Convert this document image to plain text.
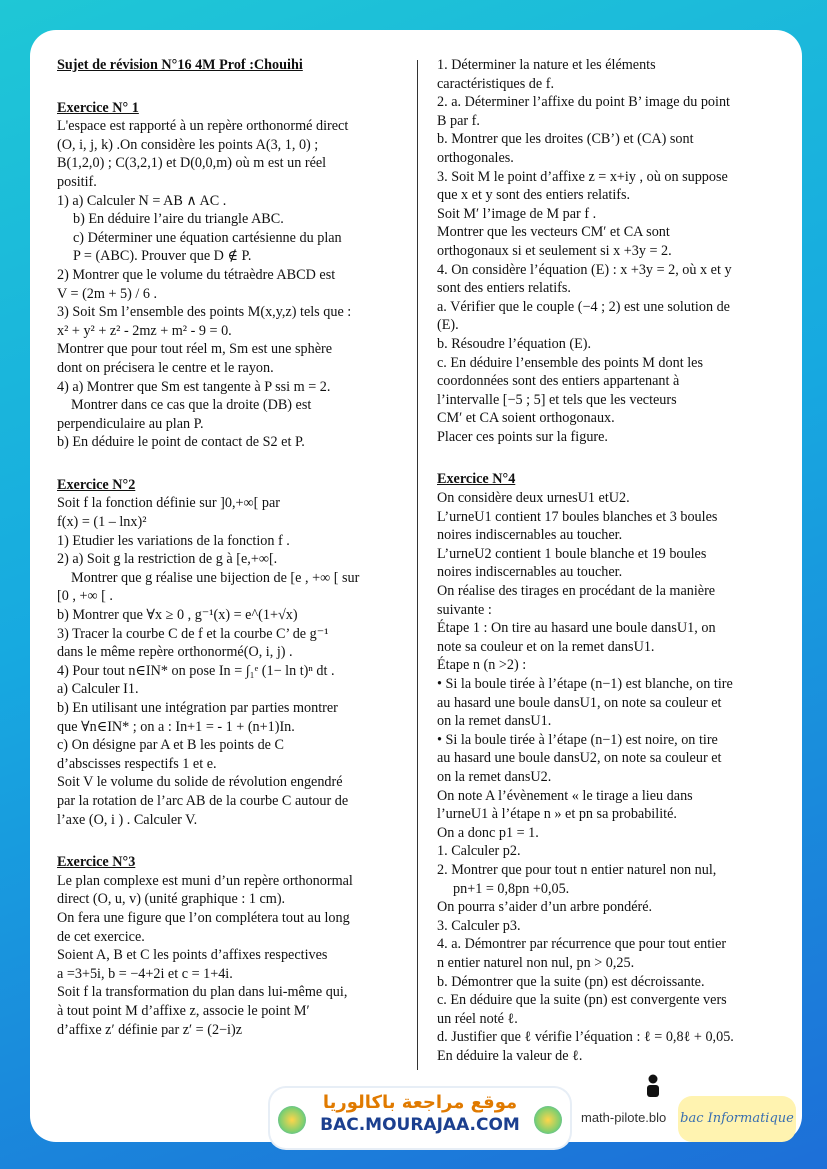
Sujet de révision N°16 4M Prof :Chouihi

Exercice N° 1

L'espace est rapporté à un repère orthonormé direct

(O, i, j, k) .On considère les points A(3, 1, 0) ;

B(1,2,0) ; C(3,2,1) et D(0,0,m) où m est un réel

positif.

1) a) Calculer N = AB ∧ AC .

b) En déduire l’aire du triangle ABC.

c) Déterminer une équation cartésienne du plan

P = (ABC). Prouver que D ∉ P.

2) Montrer que le volume du tétraèdre ABCD est

V = (2m + 5) / 6 .

3) Soit Sm l’ensemble des points M(x,y,z) tels que :

x² + y² + z² - 2mz + m² - 9 = 0.

Montrer que pour tout réel m, Sm est une sphère

dont on précisera le centre et le rayon.

4) a) Montrer que Sm est tangente à P ssi m = 2.

Montrer dans ce cas que la droite (DB) est

perpendiculaire au plan P.

b) En déduire le point de contact de S2 et P.

Exercice N°2

Soit f la fonction définie sur ]0,+∞[ par

f(x) = (1 – lnx)²

1) Etudier les variations de la fonction f .

2) a) Soit g la restriction de g à [e,+∞[.

Montrer que g réalise une bijection de [e , +∞ [ sur

[0 , +∞ [ .

b) Montrer que ∀x ≥ 0 , g⁻¹(x) = e^(1+√x)

3) Tracer la courbe C de f et la courbe C’ de g⁻¹

dans le même repère orthonormé(O, i, j) .

4) Pour tout n∈IN* on pose In = ∫₁ᵉ (1− ln t)ⁿ dt .

a) Calculer I1.

b) En utilisant une intégration par parties montrer

que ∀n∈IN* ; on a : In+1 = - 1 + (n+1)In.

c) On désigne par A et B les points de C

d’abscisses respectifs 1 et e.

Soit V le volume du solide de révolution engendré

par la rotation de l’arc AB de la courbe C autour de

l’axe (O, i ) . Calculer V.

Exercice N°3

Le plan complexe est muni d’un repère orthonormal

direct (O, u, v) (unité graphique : 1 cm).

On fera une figure que l’on complétera tout au long

de cet exercice.

Soient A, B et C les points d’affixes respectives

a =3+5i, b = −4+2i et c = 1+4i.

Soit f la transformation du plan dans lui-même qui,

à tout point M d’affixe z, associe le point M′

d’affixe z′ définie par z′ = (2−i)z

1. Déterminer la nature et les éléments

caractéristiques de f.

2. a. Déterminer l’affixe du point B’ image du point

B par f.

b. Montrer que les droites (CB’) et (CA) sont

orthogonales.

3. Soit M le point d’affixe z = x+iy , où on suppose

que x et y sont des entiers relatifs.

Soit M′ l’image de M par f .

Montrer que les vecteurs CM′ et CA sont

orthogonaux si et seulement si x +3y = 2.

4. On considère l’équation (E) : x +3y = 2, où x et y

sont des entiers relatifs.

a. Vérifier que le couple (−4 ; 2) est une solution de

(E).

b. Résoudre l’équation (E).

c. En déduire l’ensemble des points M dont les

coordonnées sont des entiers appartenant à

l’intervalle [−5 ; 5] et tels que les vecteurs

CM′ et CA soient orthogonaux.

Placer ces points sur la figure.

Exercice N°4

On considère deux urnesU1 etU2.

L’urneU1 contient 17 boules blanches et 3 boules

noires indiscernables au toucher.

L’urneU2 contient 1 boule blanche et 19 boules

noires indiscernables au toucher.

On réalise des tirages en procédant de la manière

suivante :

Étape 1 : On tire au hasard une boule dansU1, on

note sa couleur et on la remet dansU1.

Étape n (n >2) :

• Si la boule tirée à l’étape (n−1) est blanche, on tire

au hasard une boule dansU1, on note sa couleur et

on la remet dansU1.

• Si la boule tirée à l’étape (n−1) est noire, on tire

au hasard une boule dansU2, on note sa couleur et

on la remet dansU2.

On note A l’évènement « le tirage a lieu dans

l’urneU1 à l’étape n » et pn sa probabilité.

On a donc p1 = 1.

1. Calculer p2.

2. Montrer que pour tout n entier naturel non nul,

pn+1 = 0,8pn +0,05.

On pourra s’aider d’un arbre pondéré.

3. Calculer p3.

4. a. Démontrer par récurrence que pour tout entier

n entier naturel non nul, pn > 0,25.

b. Démontrer que la suite (pn) est décroissante.

c. En déduire que la suite (pn) est convergente vers

un réel noté ℓ.

d. Justifier que ℓ vérifie l’équation : ℓ = 0,8ℓ + 0,05.

En déduire la valeur de ℓ.

موقع مراجعة باكالوريا
BAC.MOURAJAA.COM	math-pilote.blo bac Informatique
